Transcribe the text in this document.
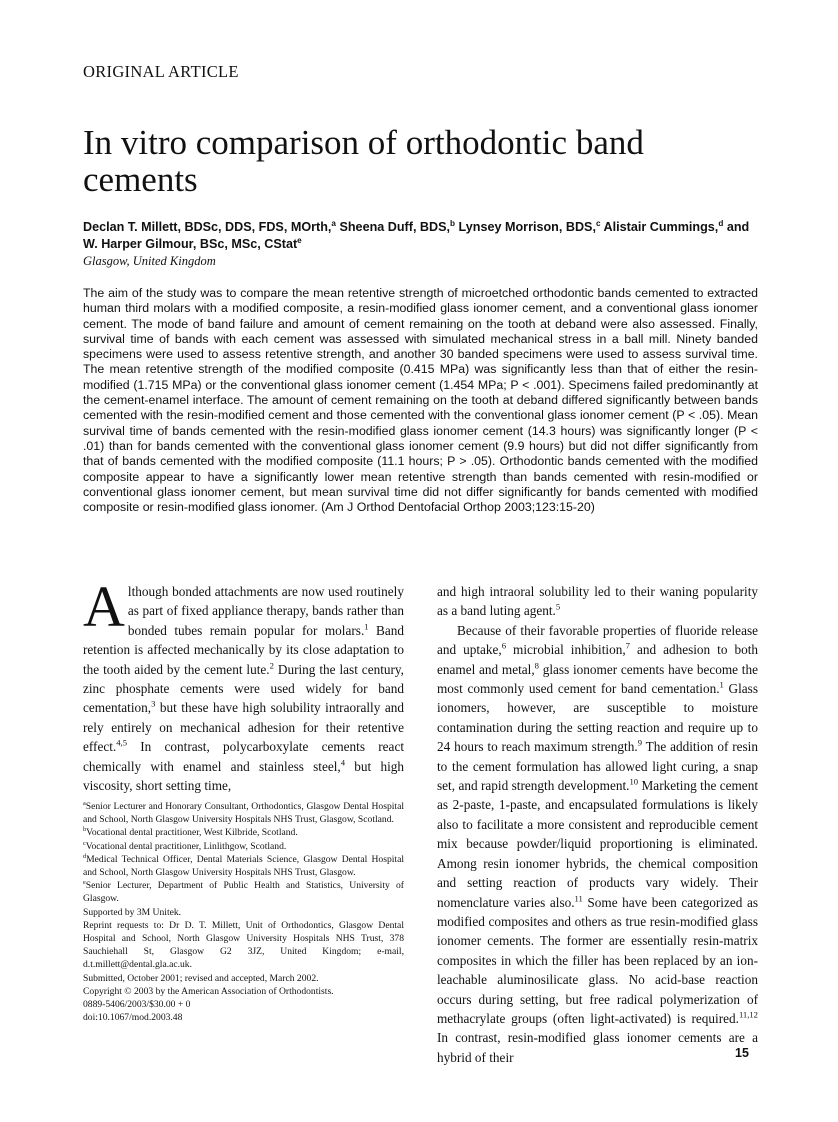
ORIGINAL ARTICLE
In vitro comparison of orthodontic band cements
Declan T. Millett, BDSc, DDS, FDS, MOrth,$^a$ Sheena Duff, BDS,$^b$ Lynsey Morrison, BDS,$^c$ Alistair Cummings,$^d$ and W. Harper Gilmour, BSc, MSc, CStat$^e$
Glasgow, United Kingdom

The aim of the study was to compare the mean retentive strength of microetched orthodontic bands cemented to extracted human third molars with a modified composite, a resin-modified glass ionomer cement, and a conventional glass ionomer cement. The mode of band failure and amount of cement remaining on the tooth at deband were also assessed. Finally, survival time of bands with each cement was assessed with simulated mechanical stress in a ball mill. Ninety banded specimens were used to assess retentive strength, and another 30 banded specimens were used to assess survival time. The mean retentive strength of the modified composite (0.415 MPa) was significantly less than that of either the resin-modified (1.715 MPa) or the conventional glass ionomer cement (1.454 MPa; P < .001). Specimens failed predominantly at the cement-enamel interface. The amount of cement remaining on the tooth at deband differed significantly between bands cemented with the resin-modified cement and those cemented with the conventional glass ionomer cement (P < .05). Mean survival time of bands cemented with the resin-modified glass ionomer cement (14.3 hours) was significantly longer (P < .01) than for bands cemented with the conventional glass ionomer cement (9.9 hours) but did not differ significantly from that of bands cemented with the modified composite (11.1 hours; P > .05). Orthodontic bands cemented with the modified composite appear to have a significantly lower mean retentive strength than bands cemented with resin-modified or conventional glass ionomer cement, but mean survival time did not differ significantly for bands cemented with modified composite or resin-modified glass ionomer. (Am J Orthod Dentofacial Orthop 2003;123:15-20)

Although bonded attachments are now used routinely as part of fixed appliance therapy, bands rather than bonded tubes remain popular for molars.$^1$ Band retention is affected mechanically by its close adaptation to the tooth aided by the cement lute.$^2$ During the last century, zinc phosphate cements were used widely for band cementation,$^3$ but these have high solubility intraorally and rely entirely on mechanical adhesion for their retentive effect.$^{4,5}$ In contrast, polycarboxylate cements react chemically with enamel and stainless steel,$^4$ but high viscosity, short setting time,

and high intraoral solubility led to their waning popularity as a band luting agent.$^5$

Because of their favorable properties of fluoride release and uptake,$^6$ microbial inhibition,$^7$ and adhesion to both enamel and metal,$^8$ glass ionomer cements have become the most commonly used cement for band cementation.$^1$ Glass ionomers, however, are susceptible to moisture contamination during the setting reaction and require up to 24 hours to reach maximum strength.$^9$ The addition of resin to the cement formulation has allowed light curing, a snap set, and rapid strength development.$^{10}$ Marketing the cement as 2-paste, 1-paste, and encapsulated formulations is likely also to facilitate a more consistent and reproducible cement mix because powder/liquid proportioning is eliminated. Among resin ionomer hybrids, the chemical composition and setting reaction of products vary widely. Their nomenclature varies also.$^{11}$ Some have been categorized as modified composites and others as true resin-modified glass ionomer cements. The former are essentially resin-matrix composites in which the filler has been replaced by an ion-leachable aluminosilicate glass. No acid-base reaction occurs during setting, but free radical polymerization of methacrylate groups (often light-activated) is required.$^{11,12}$ In contrast, resin-modified glass ionomer cements are a hybrid of their

$^a$Senior Lecturer and Honorary Consultant, Orthodontics, Glasgow Dental Hospital and School, North Glasgow University Hospitals NHS Trust, Glasgow, Scotland.
$^b$Vocational dental practitioner, West Kilbride, Scotland.
$^c$Vocational dental practitioner, Linlithgow, Scotland.
$^d$Medical Technical Officer, Dental Materials Science, Glasgow Dental Hospital and School, North Glasgow University Hospitals NHS Trust, Glasgow.
$^e$Senior Lecturer, Department of Public Health and Statistics, University of Glasgow.
Supported by 3M Unitek.
Reprint requests to: Dr D. T. Millett, Unit of Orthodontics, Glasgow Dental Hospital and School, North Glasgow University Hospitals NHS Trust, 378 Sauchiehall St, Glasgow G2 3JZ, United Kingdom; e-mail, d.t.millett@dental.gla.ac.uk.
Submitted, October 2001; revised and accepted, March 2002.
Copyright © 2003 by the American Association of Orthodontists.
0889-5406/2003/$30.00 + 0
doi:10.1067/mod.2003.48
15
